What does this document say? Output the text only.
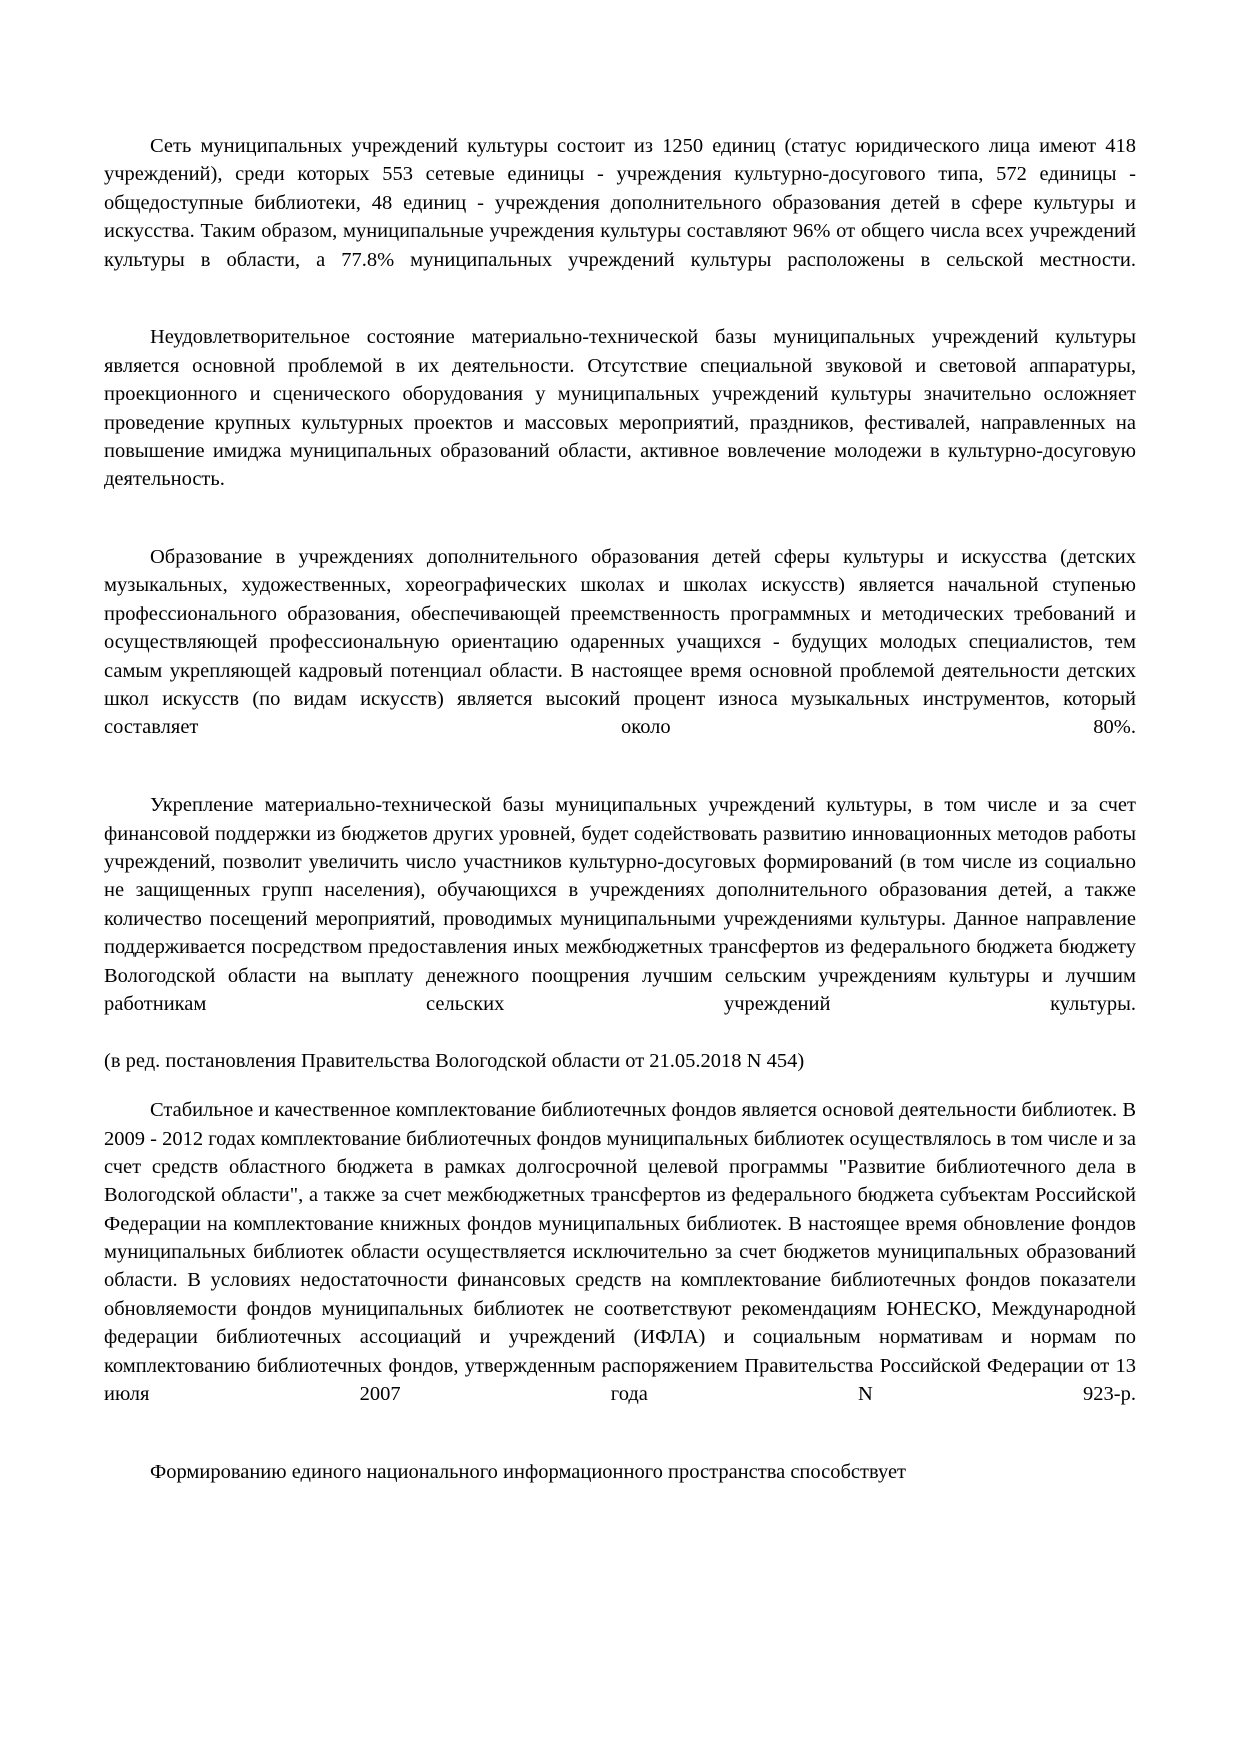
Сеть муниципальных учреждений культуры состоит из 1250 единиц (статус юридического лица имеют 418 учреждений), среди которых 553 сетевые единицы - учреждения культурно-досугового типа, 572 единицы - общедоступные библиотеки, 48 единиц - учреждения дополнительного образования детей в сфере культуры и искусства. Таким образом, муниципальные учреждения культуры составляют 96% от общего числа всех учреждений культуры в области, а 77.8% муниципальных учреждений культуры расположены в сельской местности.

Неудовлетворительное состояние материально-технической базы муниципальных учреждений культуры является основной проблемой в их деятельности. Отсутствие специальной звуковой и световой аппаратуры, проекционного и сценического оборудования у муниципальных учреждений культуры значительно осложняет проведение крупных культурных проектов и массовых мероприятий, праздников, фестивалей, направленных на повышение имиджа муниципальных образований области, активное вовлечение молодежи в культурно-досуговую деятельность.

Образование в учреждениях дополнительного образования детей сферы культуры и искусства (детских музыкальных, художественных, хореографических школах и школах искусств) является начальной ступенью профессионального образования, обеспечивающей преемственность программных и методических требований и осуществляющей профессиональную ориентацию одаренных учащихся - будущих молодых специалистов, тем самым укрепляющей кадровый потенциал области. В настоящее время основной проблемой деятельности детских школ искусств (по видам искусств) является высокий процент износа музыкальных инструментов, который составляет около 80%.

Укрепление материально-технической базы муниципальных учреждений культуры, в том числе и за счет финансовой поддержки из бюджетов других уровней, будет содействовать развитию инновационных методов работы учреждений, позволит увеличить число участников культурно-досуговых формирований (в том числе из социально не защищенных групп населения), обучающихся в учреждениях дополнительного образования детей, а также количество посещений мероприятий, проводимых муниципальными учреждениями культуры. Данное направление поддерживается посредством предоставления иных межбюджетных трансфертов из федерального бюджета бюджету Вологодской области на выплату денежного поощрения лучшим сельским учреждениям культуры и лучшим работникам сельских учреждений культуры.

(в ред. постановления Правительства Вологодской области от 21.05.2018 N 454)

Стабильное и качественное комплектование библиотечных фондов является основой деятельности библиотек. В 2009 - 2012 годах комплектование библиотечных фондов муниципальных библиотек осуществлялось в том числе и за счет средств областного бюджета в рамках долгосрочной целевой программы "Развитие библиотечного дела в Вологодской области", а также за счет межбюджетных трансфертов из федерального бюджета субъектам Российской Федерации на комплектование книжных фондов муниципальных библиотек. В настоящее время обновление фондов муниципальных библиотек области осуществляется исключительно за счет бюджетов муниципальных образований области. В условиях недостаточности финансовых средств на комплектование библиотечных фондов показатели обновляемости фондов муниципальных библиотек не соответствуют рекомендациям ЮНЕСКО, Международной федерации библиотечных ассоциаций и учреждений (ИФЛА) и социальным нормативам и нормам по комплектованию библиотечных фондов, утвержденным распоряжением Правительства Российской Федерации от 13 июля 2007 года N 923-р.

Формированию единого национального информационного пространства способствует
